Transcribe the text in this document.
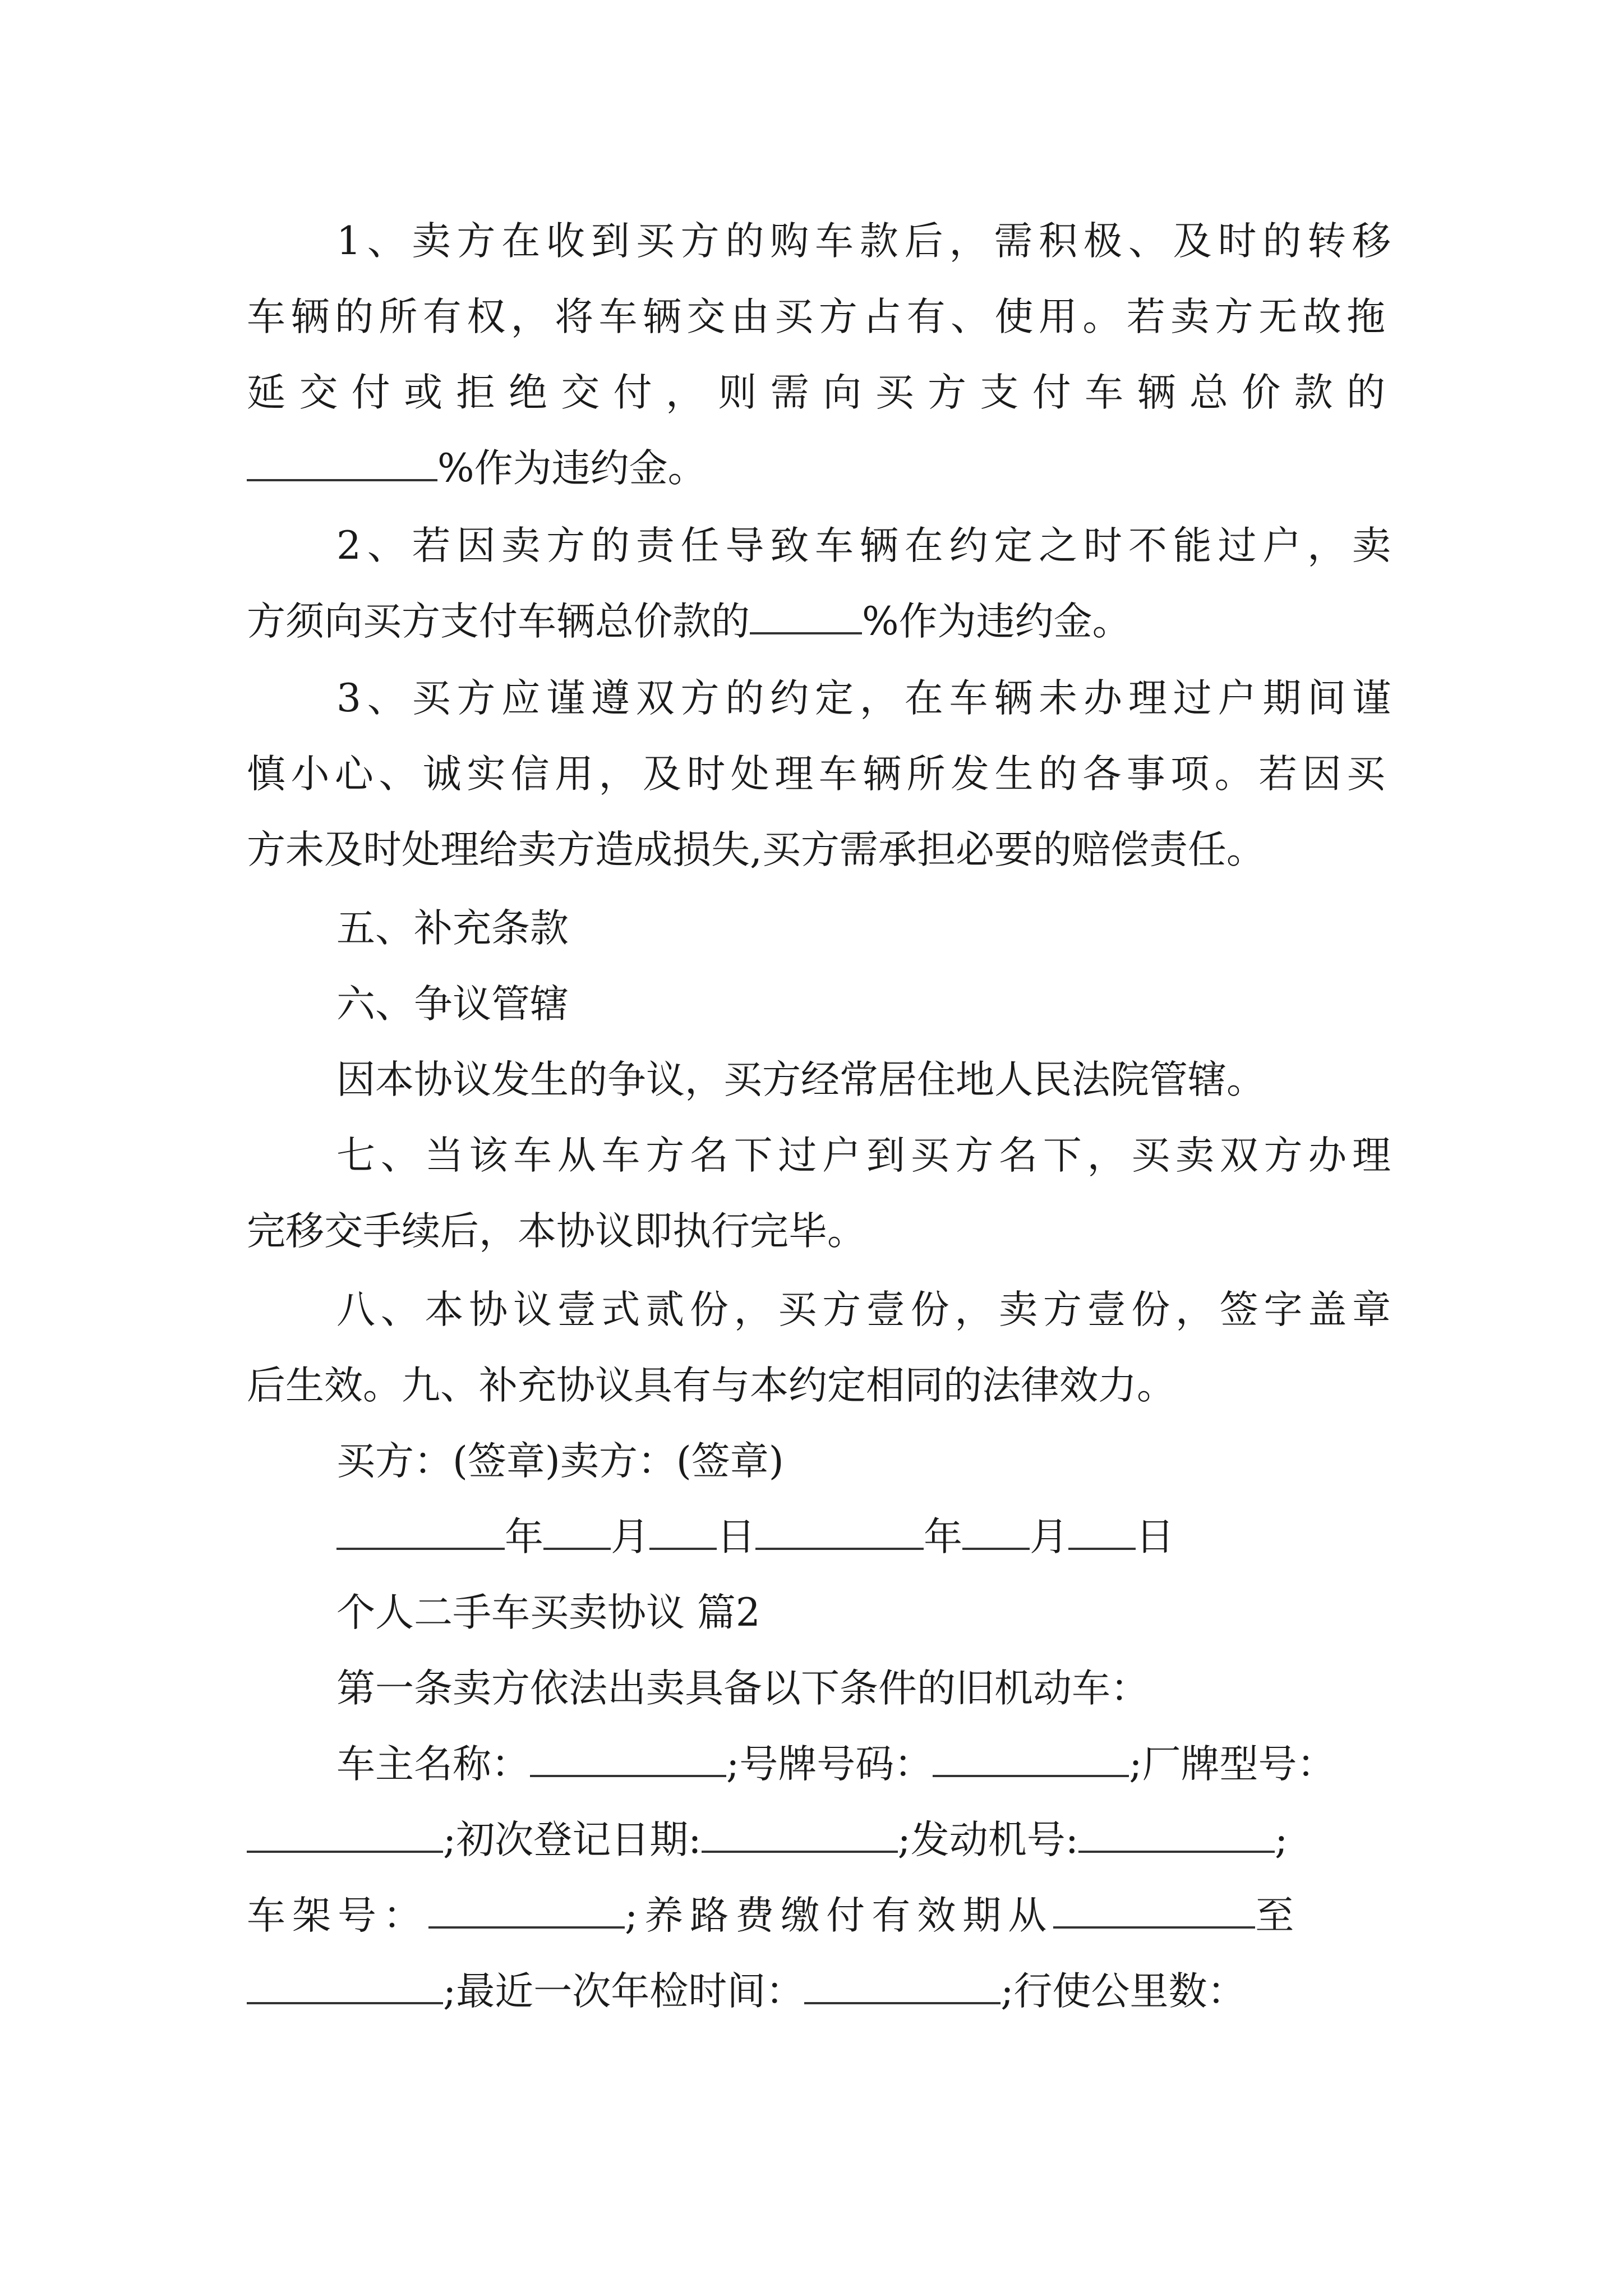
1、卖方在收到买方的购车款后，需积极、及时的转移
车辆的所有权，将车辆交由买方占有、使用。若卖方无故拖
延交付或拒绝交付，则需向买方支付车辆总价款的
%作为违约金。
2、若因卖方的责任导致车辆在约定之时不能过户，卖
方须向买方支付车辆总价款的	%作为违约金。
3、买方应谨遵双方的约定，在车辆未办理过户期间谨
慎小心、诚实信用，及时处理车辆所发生的各事项。若因买
方未及时处理给卖方造成损失,买方需承担必要的赔偿责任。
五、补充条款
六、争议管辖
因本协议发生的争议，买方经常居住地人民法院管辖。
七、当该车从车方名下过户到买方名下，买卖双方办理
完移交手续后，本协议即执行完毕。
八、本协议壹式贰份，买方壹份，卖方壹份，签字盖章
后生效。九、补充协议具有与本约定相同的法律效力。
买方：(签章)卖方：(签章)
年 月 日	年 月 日
个人二手车买卖协议 篇2
第一条卖方依法出卖具备以下条件的旧机动车：
车主名称：	;号牌号码：	;厂牌型号：
;初次登记日期:	;发动机号:	;
车架号：	;养路费缴付有效期从	至
;最近一次年检时间：	;行使公里数：
